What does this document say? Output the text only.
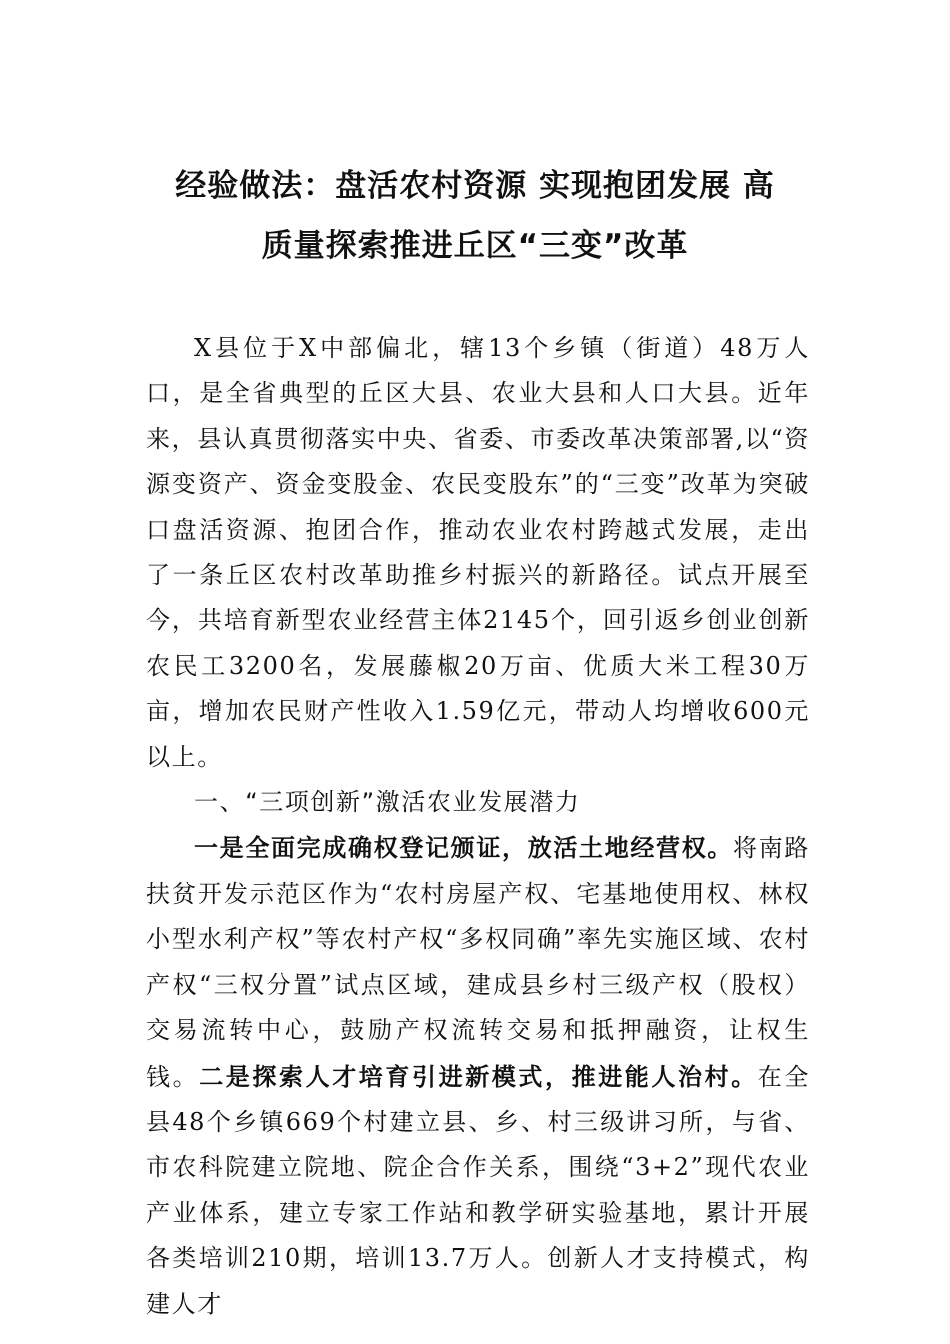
经验做法：盘活农村资源 实现抱团发展 高
质量探索推进丘区“三变”改革

X县位于X中部偏北，辖13个乡镇（街道）48万人口，是全省典型的丘区大县、农业大县和人口大县。近年来，县认真贯彻落实中央、省委、市委改革决策部署,以“资源变资产、资金变股金、农民变股东”的“三变”改革为突破口盘活资源、抱团合作，推动农业农村跨越式发展，走出了一条丘区农村改革助推乡村振兴的新路径。试点开展至今，共培育新型农业经营主体2145个，回引返乡创业创新农民工3200名，发展藤椒20万亩、优质大米工程30万亩，增加农民财产性收入1.59亿元，带动人均增收600元以上。

一、“三项创新”激活农业发展潜力

一是全面完成确权登记颁证，放活土地经营权。将南路扶贫开发示范区作为“农村房屋产权、宅基地使用权、林权小型水利产权”等农村产权“多权同确”率先实施区域、农村产权“三权分置”试点区域，建成县乡村三级产权（股权）交易流转中心，鼓励产权流转交易和抵押融资，让权生钱。二是探索人才培育引进新模式，推进能人治村。在全县48个乡镇669个村建立县、乡、村三级讲习所，与省、市农科院建立院地、院企合作关系，围绕“3+2”现代农业产业体系，建立专家工作站和教学研实验基地，累计开展各类培训210期，培训13.7万人。创新人才支持模式，构建人才
